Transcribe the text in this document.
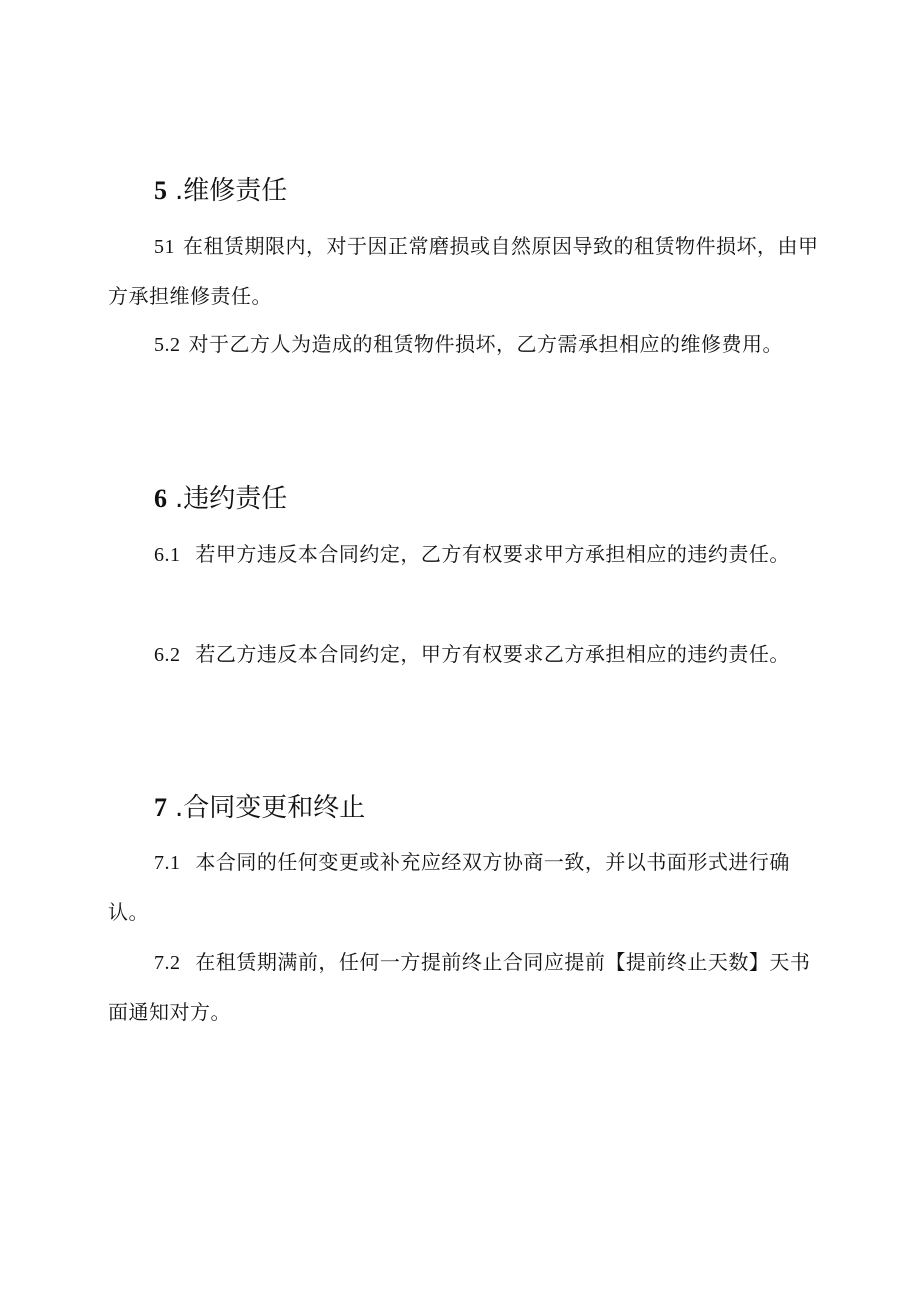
5 .维修责任

51 在租赁期限内，对于因正常磨损或自然原因导致的租赁物件损坏，由甲方承担维修责任。

5.2 对于乙方人为造成的租赁物件损坏，乙方需承担相应的维修费用。

6 .违约责任

6.1 若甲方违反本合同约定，乙方有权要求甲方承担相应的违约责任。

6.2 若乙方违反本合同约定，甲方有权要求乙方承担相应的违约责任。

7 .合同变更和终止

7.1 本合同的任何变更或补充应经双方协商一致，并以书面形式进行确认。

7.2 在租赁期满前，任何一方提前终止合同应提前【提前终止天数】天书面通知对方。
